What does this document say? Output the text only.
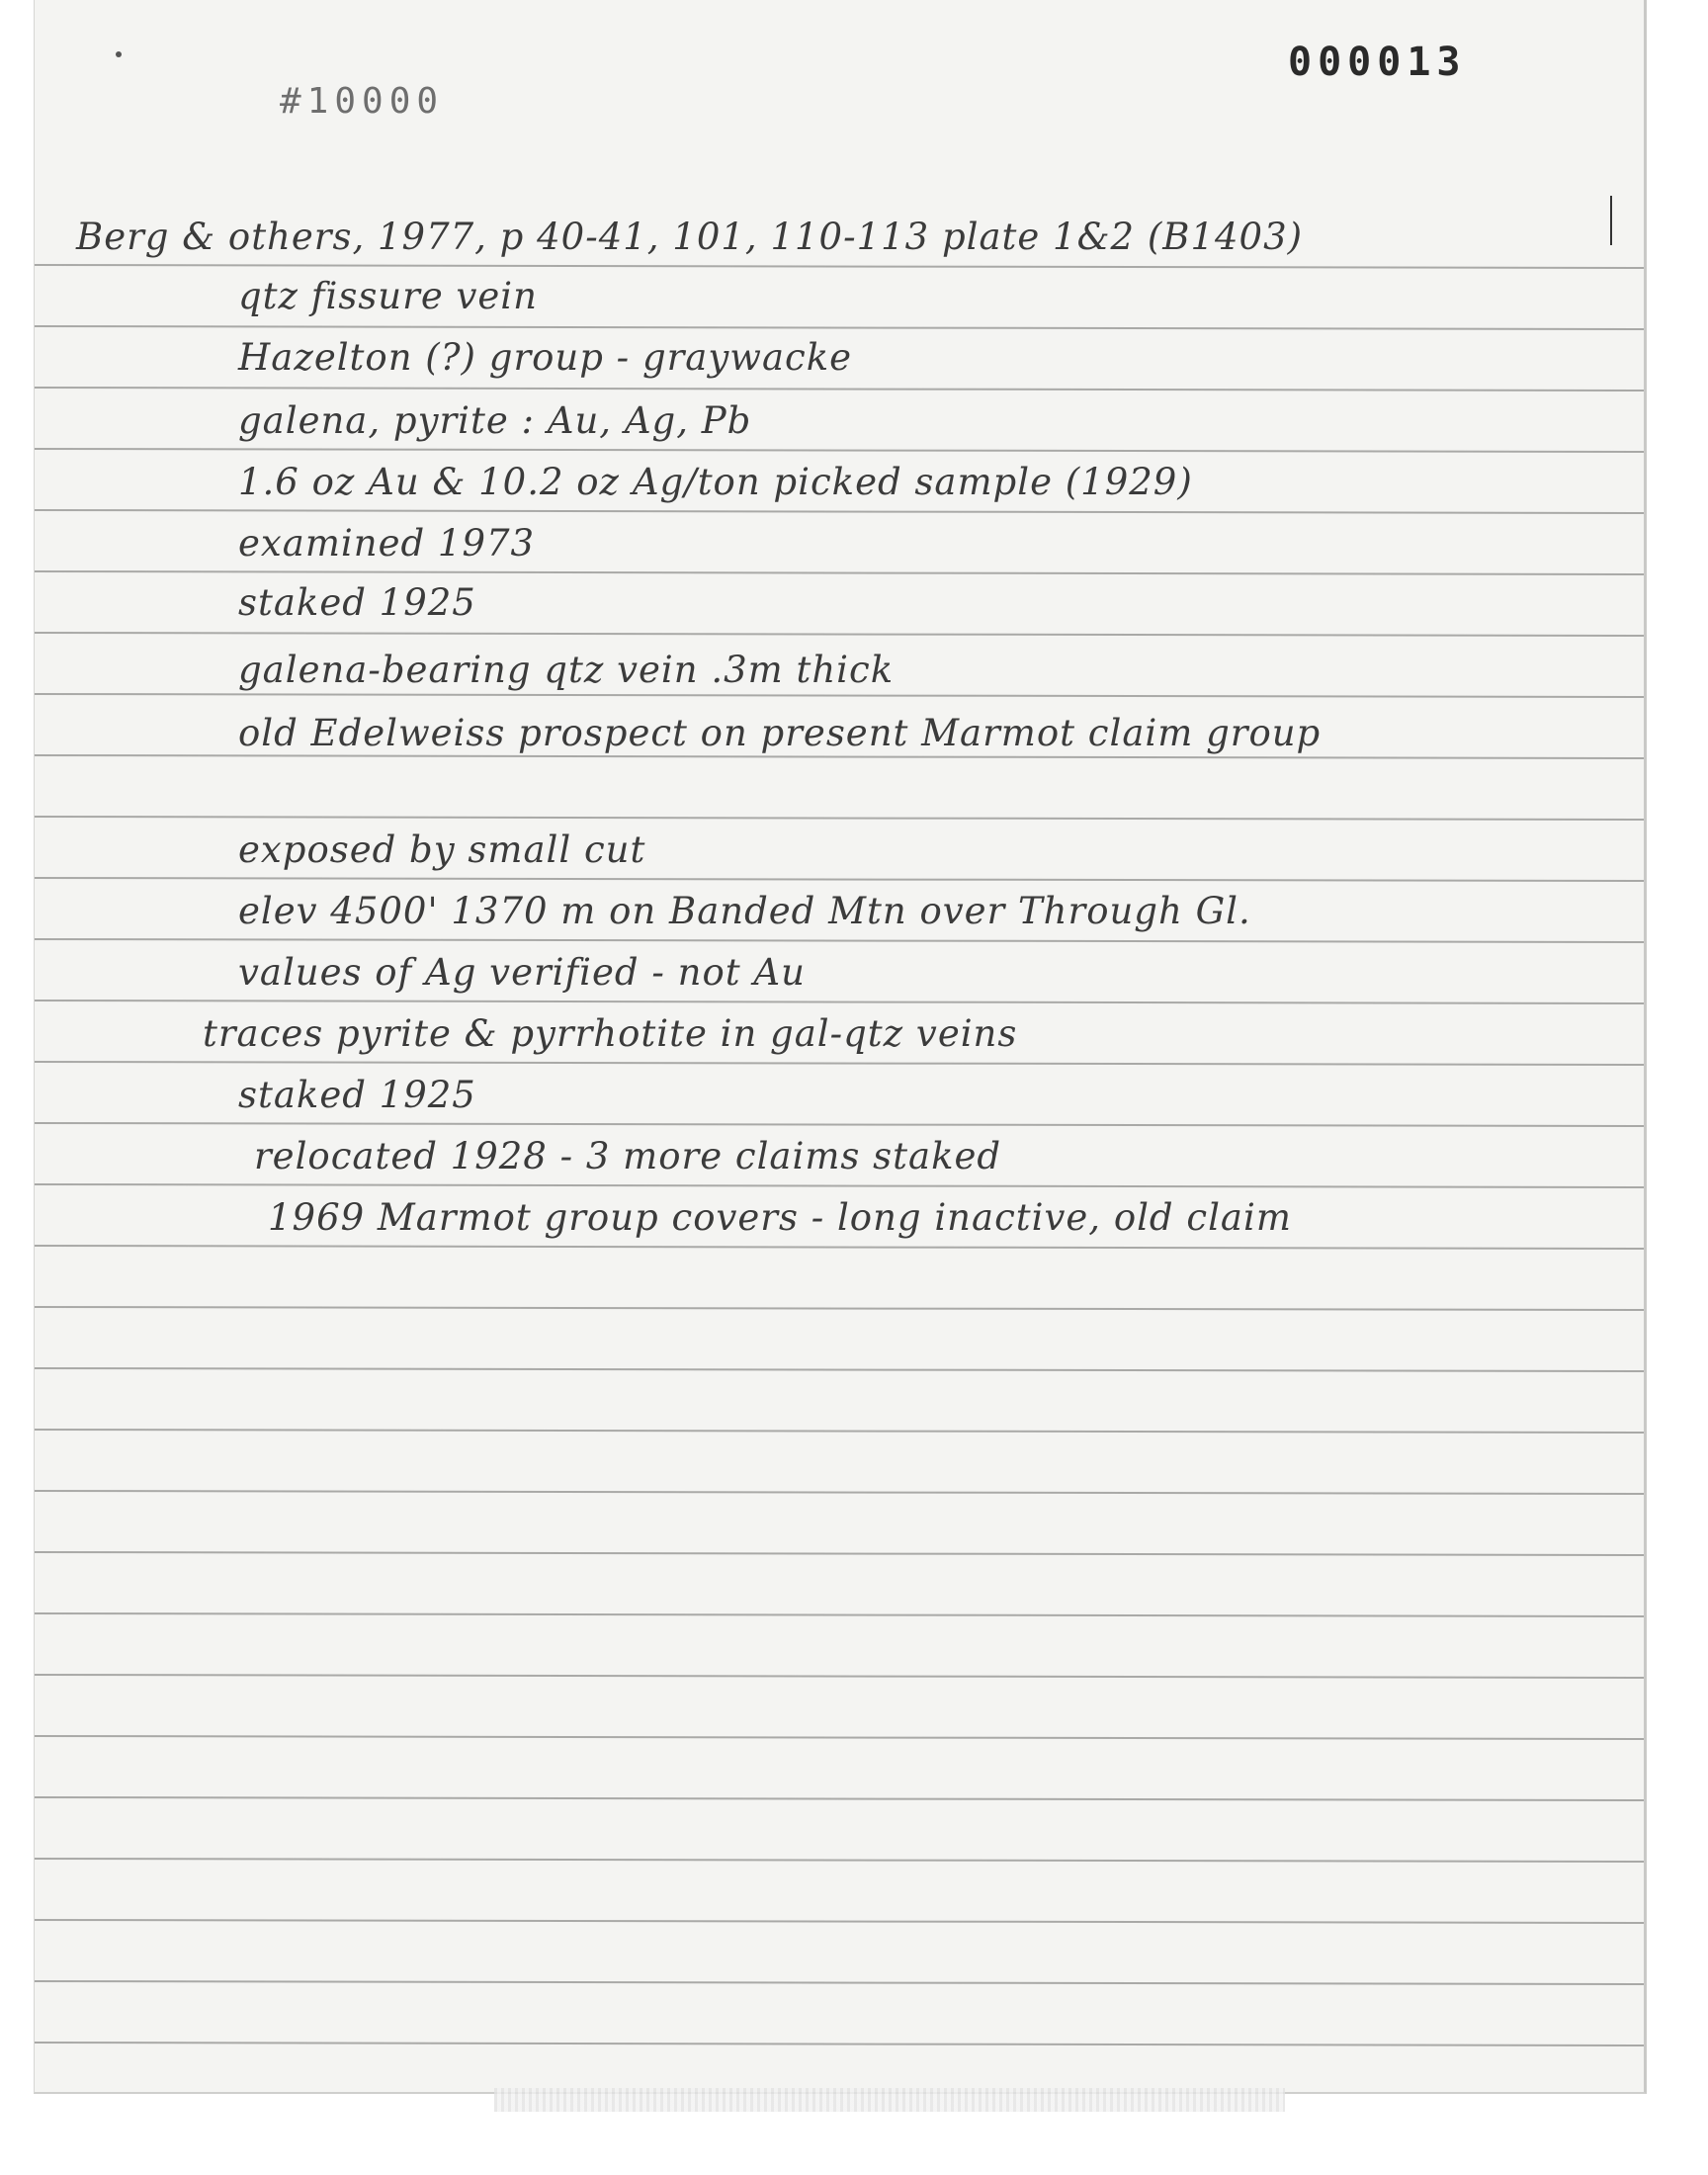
000013
#10000

Berg & others, 1977, p 40-41, 101, 110-113 plate 1&2 (B1403)

qtz fissure vein

Hazelton (?) group - graywacke

galena, pyrite : Au, Ag, Pb

1.6 oz Au & 10.2 oz Ag/ton picked sample (1929)

examined 1973

staked 1925

galena-bearing qtz vein .3m thick

old Edelweiss prospect on present Marmot claim group

exposed by small cut

elev 4500' 1370 m on Banded Mtn over Through Gl.

values of Ag verified - not Au

traces pyrite & pyrrhotite in gal-qtz veins

staked 1925

relocated 1928 - 3 more claims staked

1969 Marmot group covers - long inactive, old claim
